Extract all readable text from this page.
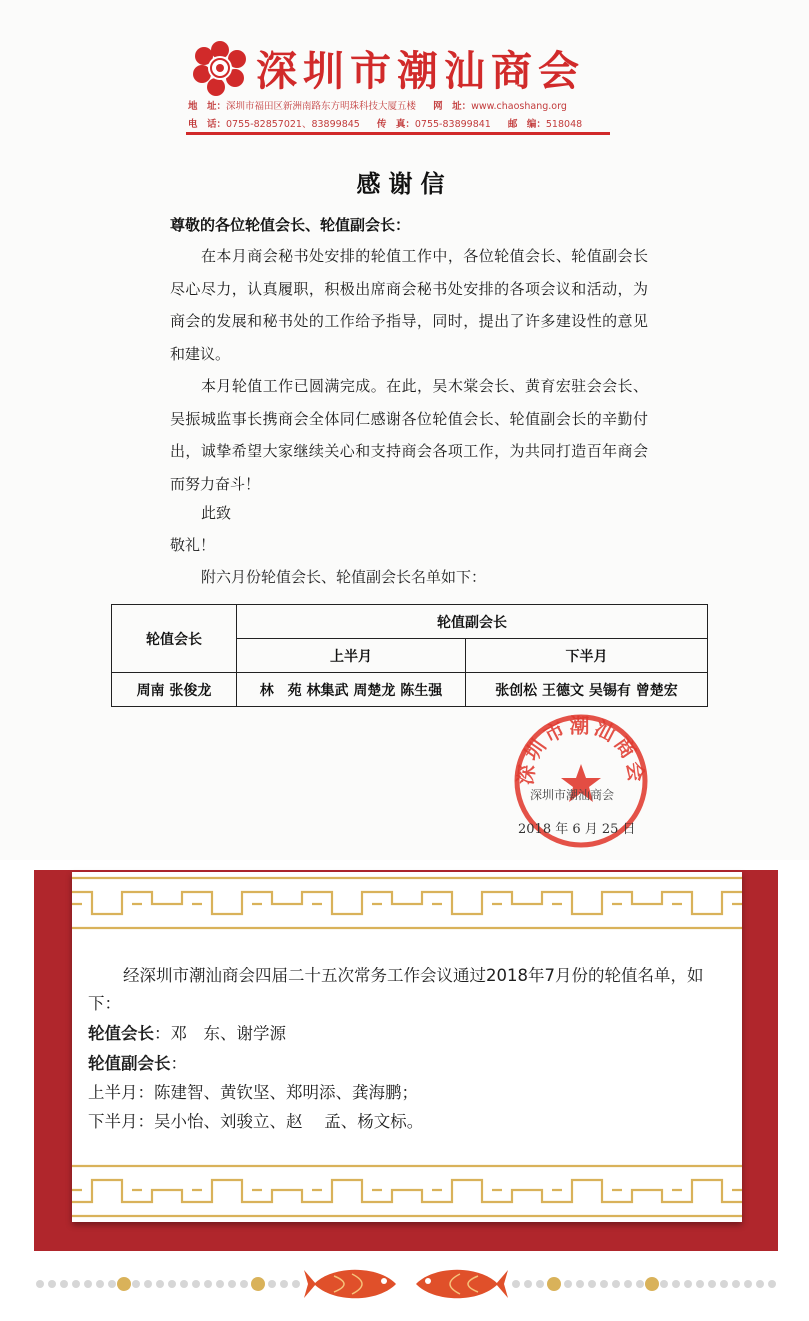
深圳市潮汕商会
地　址：深圳市福田区新洲南路东方明珠科技大厦五楼 网　址：www.chaoshang.org
电　话：0755-82857021、83899845 传　真：0755-83899841 邮　编：518048
感谢信
尊敬的各位轮值会长、轮值副会长：
在本月商会秘书处安排的轮值工作中，各位轮值会长、轮值副会长尽心尽力，认真履职，积极出席商会秘书处安排的各项会议和活动，为商会的发展和秘书处的工作给予指导，同时，提出了许多建设性的意见和建议。
本月轮值工作已圆满完成。在此，吴木棠会长、黄育宏驻会会长、吴振城监事长携商会全体同仁感谢各位轮值会长、轮值副会长的辛勤付出，诚挚希望大家继续关心和支持商会各项工作，为共同打造百年商会而努力奋斗！
此致
敬礼！
附六月份轮值会长、轮值副会长名单如下：
轮值会长	轮值副会长	
	上半月	下半月
周南 张俊龙	林　苑 林集武 周楚龙 陈生强	张创松 王德文 吴锡有 曾楚宏
深圳市潮汕商会
深圳市潮汕商会
2018 年 6 月 25 日
经深圳市潮汕商会四届二十五次常务工作会议通过2018年7月份的轮值名单，如下：
轮值会长：邓　东、谢学源
轮值副会长：
上半月：陈建智、黄钦坚、郑明添、龚海鹏；
下半月：吴小怡、刘骏立、赵　 孟、杨文标。
